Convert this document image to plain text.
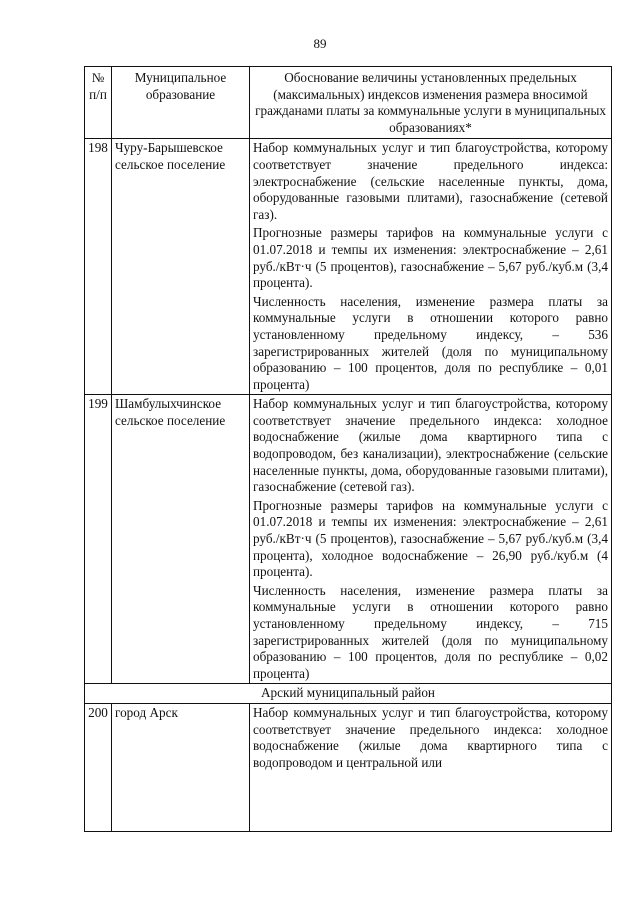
89
№ п/п	Муниципальное образование	Обоснование величины установленных предельных (максимальных) индексов изменения размера вносимой гражданами платы за коммунальные услуги в муниципальных образованиях*
198	Чуру-Барышевское сельское поселение	Набор коммунальных услуг и тип благоустройства, которому соответствует значение предельного индекса: электроснабжение (сельские населенные пункты, дома, оборудованные газовыми плитами), газоснабжение (сетевой газ).

Прогнозные размеры тарифов на коммунальные услуги с 01.07.2018 и темпы их изменения: электроснабжение – 2,61 руб./кВт·ч (5 процентов), газоснабжение – 5,67 руб./куб.м (3,4 процента).

Численность населения, изменение размера платы за коммунальные услуги в отношении которого равно установленному предельному индексу, – 536 зарегистрированных жителей (доля по муниципальному образованию – 100 процентов, доля по республике – 0,01 процента)

199	Шамбулыхчинское сельское поселение	Набор коммунальных услуг и тип благоустройства, которому соответствует значение предельного индекса: холодное водоснабжение (жилые дома квартирного типа с водопроводом, без канализации), электроснабжение (сельские населенные пункты, дома, оборудованные газовыми плитами), газоснабжение (сетевой газ).

Прогнозные размеры тарифов на коммунальные услуги с 01.07.2018 и темпы их изменения: электроснабжение – 2,61 руб./кВт·ч (5 процентов), газоснабжение – 5,67 руб./куб.м (3,4 процента), холодное водоснабжение – 26,90 руб./куб.м (4 процента).

Численность населения, изменение размера платы за коммунальные услуги в отношении которого равно установленному предельному индексу, – 715 зарегистрированных жителей (доля по муниципальному образованию – 100 процентов, доля по республике – 0,02 процента)

Арский муниципальный район		
200	город Арск	Набор коммунальных услуг и тип благоустройства, которому соответствует значение предельного индекса: холодное водоснабжение (жилые дома квартирного типа с водопроводом и центральной или
